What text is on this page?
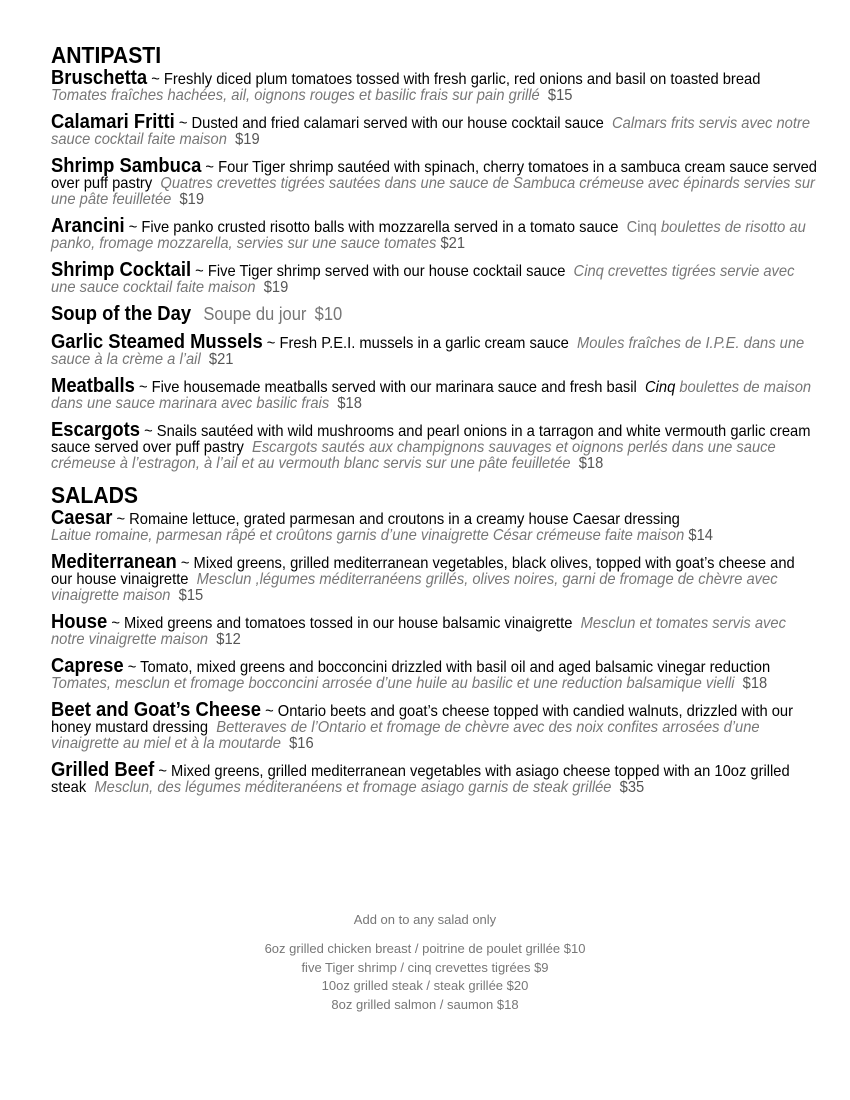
ANTIPASTI
Bruschetta ~ Freshly diced plum tomatoes tossed with fresh garlic, red onions and basil on toasted bread
Tomates fraîches hachées, ail, oignons rouges et basilic frais sur pain grillé $15
Calamari Fritti ~ Dusted and fried calamari served with our house cocktail sauce Calmars frits servis avec notre sauce cocktail faite maison $19
Shrimp Sambuca ~ Four Tiger shrimp sautéed with spinach, cherry tomatoes in a sambuca cream sauce served over puff pastry Quatres crevettes tigrées sautées dans une sauce de Sambuca crémeuse avec épinards servies sur une pâte feuilletée $19
Arancini ~ Five panko crusted risotto balls with mozzarella served in a tomato sauce Cinq boulettes de risotto au panko, fromage mozzarella, servies sur une sauce tomates $21
Shrimp Cocktail ~ Five Tiger shrimp served with our house cocktail sauce Cinq crevettes tigrées servie avec une sauce cocktail faite maison $19
Soup of the Day Soupe du jour $10
Garlic Steamed Mussels ~ Fresh P.E.I. mussels in a garlic cream sauce Moules fraîches de I.P.E. dans une sauce à la crème a l’ail $21
Meatballs ~ Five housemade meatballs served with our marinara sauce and fresh basil Cinq boulettes de maison dans une sauce marinara avec basilic frais $18
Escargots ~ Snails sautéed with wild mushrooms and pearl onions in a tarragon and white vermouth garlic cream sauce served over puff pastry Escargots sautés aux champignons sauvages et oignons perlés dans une sauce crémeuse à l’estragon, à l’ail et au vermouth blanc servis sur une pâte feuilletée $18
SALADS
Caesar ~ Romaine lettuce, grated parmesan and croutons in a creamy house Caesar dressing
Laitue romaine, parmesan râpé et croûtons garnis d’une vinaigrette César crémeuse faite maison $14
Mediterranean ~ Mixed greens, grilled mediterranean vegetables, black olives, topped with goat’s cheese and our house vinaigrette Mesclun ,légumes méditerranéens grillés, olives noires, garni de fromage de chèvre avec vinaigrette maison $15
House ~ Mixed greens and tomatoes tossed in our house balsamic vinaigrette Mesclun et tomates servis avec notre vinaigrette maison $12
Caprese ~ Tomato, mixed greens and bocconcini drizzled with basil oil and aged balsamic vinegar reduction  Tomates, mesclun et fromage bocconcini arrosée d’une huile au basilic et une reduction balsamique vielli $18
Beet and Goat’s Cheese ~ Ontario beets and goat’s cheese topped with candied walnuts, drizzled with our honey mustard dressing Betteraves de l’Ontario et fromage de chèvre avec des noix confites arrosées d’une vinaigrette au miel et à la moutarde $16
Grilled Beef ~ Mixed greens, grilled mediterranean vegetables with asiago cheese topped with an 10oz grilled steak Mesclun, des légumes méditeranéens et fromage asiago garnis de steak grillée $35
Add on to any salad only
6oz grilled chicken breast / poitrine de poulet grillée $10
five Tiger shrimp / cinq crevettes tigrées $9
10oz grilled steak / steak grillée $20
8oz grilled salmon / saumon $18
